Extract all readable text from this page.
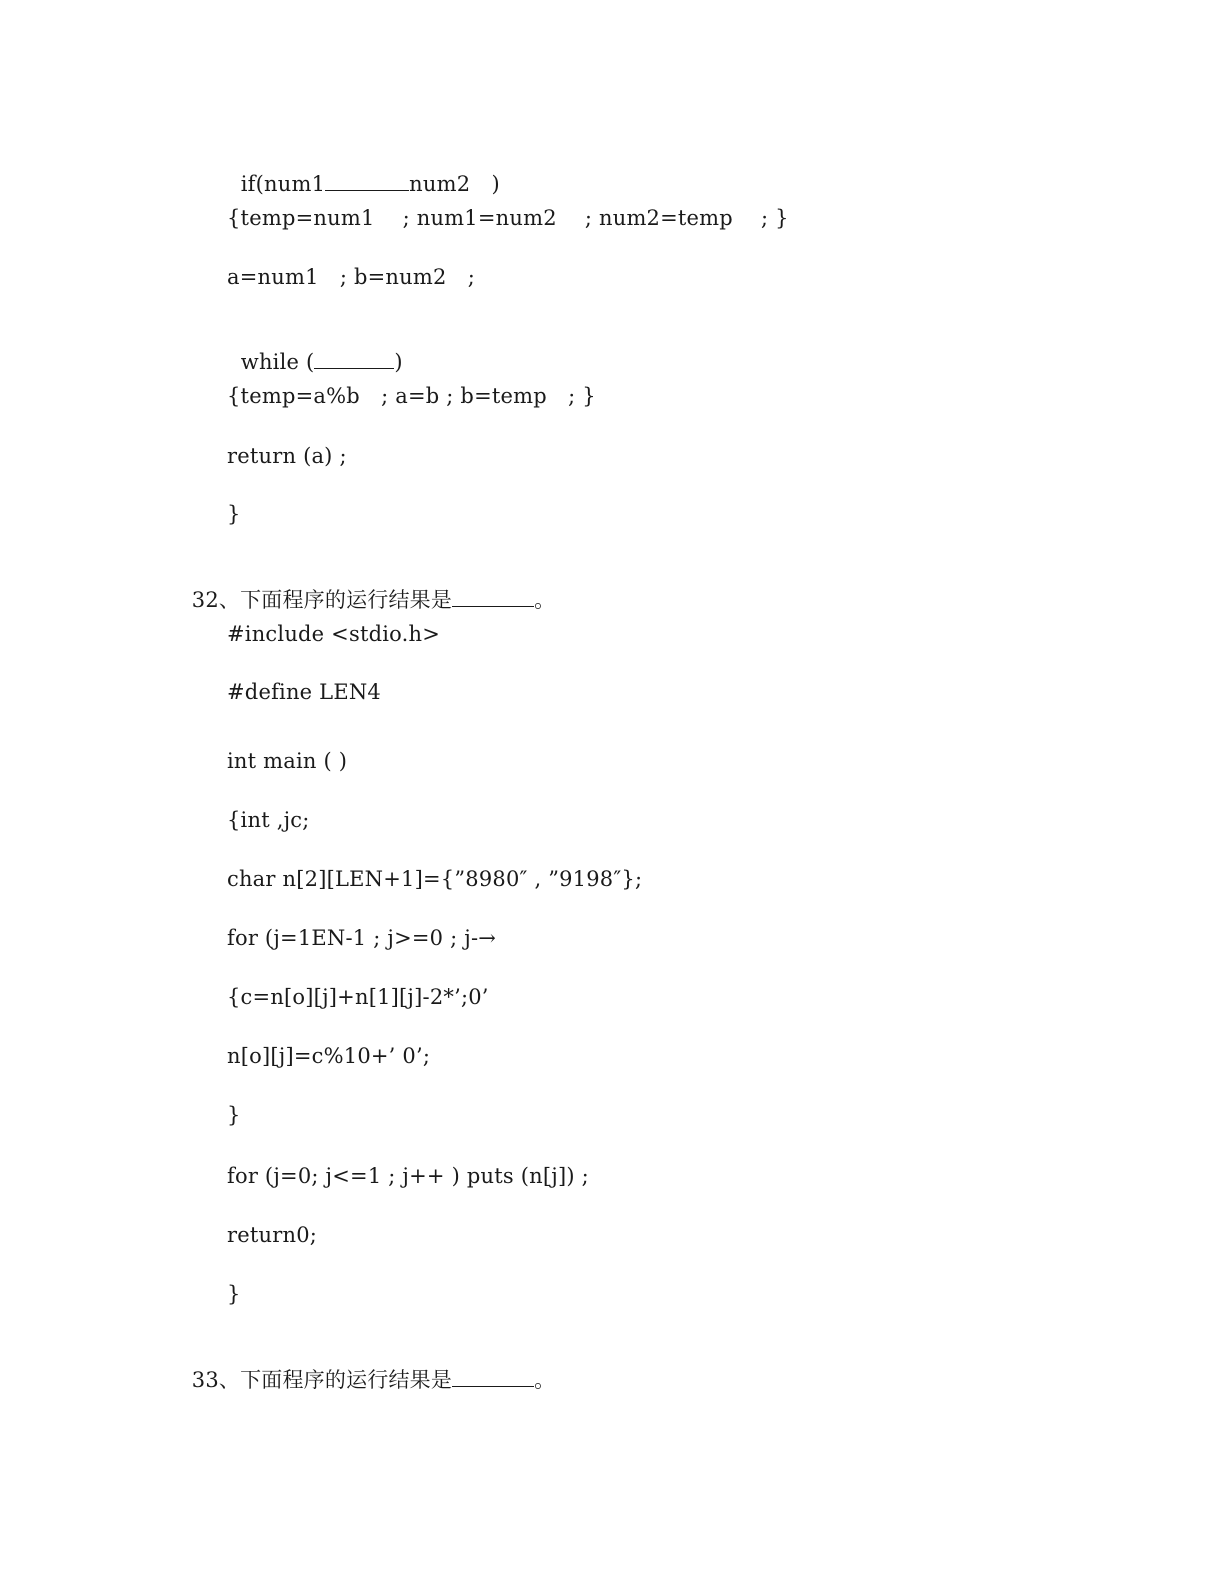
if(num1	num2　)

{temp=num1　 ; num1=num2　 ; num2=temp　 ; }
a=num1　; b=num2　;

while (	)

{temp=a%b　; a=b ; b=temp　; }
return (a) ;
}

32、下面程序的运行结果是	。

#include <stdio.h>
#define LEN4
int main ( )
{int ,jc;
char n[2][LEN+1]={”8980″ , ”9198″};
for (j=1EN-1 ; j>=0 ; j-→
{c=n[o][j]+n[1][j]-2*’;0’
n[o][j]=c%10+’ 0’;
}
for (j=0; j<=1 ; j++ ) puts (n[j]) ;
return0;
}

33、下面程序的运行结果是	。
